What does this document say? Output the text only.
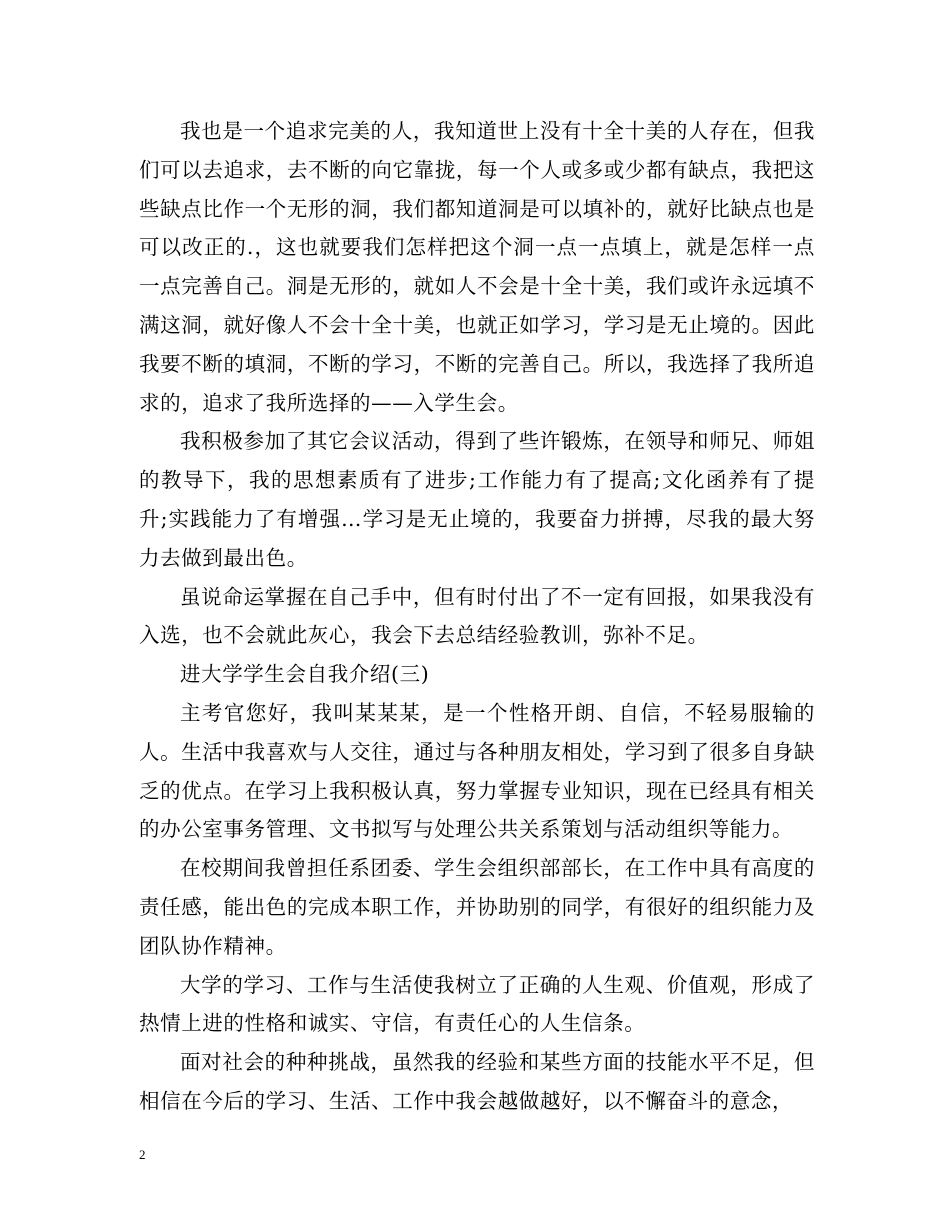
我也是一个追求完美的人，我知道世上没有十全十美的人存在，但我们可以去追求，去不断的向它靠拢，每一个人或多或少都有缺点，我把这些缺点比作一个无形的洞，我们都知道洞是可以填补的，就好比缺点也是可以改正的.，这也就要我们怎样把这个洞一点一点填上，就是怎样一点一点完善自己。洞是无形的，就如人不会是十全十美，我们或许永远填不满这洞，就好像人不会十全十美，也就正如学习，学习是无止境的。因此我要不断的填洞，不断的学习，不断的完善自己。所以，我选择了我所追求的，追求了我所选择的——入学生会。

我积极参加了其它会议活动，得到了些许锻炼，在领导和师兄、师姐的教导下，我的思想素质有了进步;工作能力有了提高;文化函养有了提升;实践能力了有增强…学习是无止境的，我要奋力拼搏，尽我的最大努力去做到最出色。

虽说命运掌握在自己手中，但有时付出了不一定有回报，如果我没有入选，也不会就此灰心，我会下去总结经验教训，弥补不足。

进大学学生会自我介绍(三)

主考官您好，我叫某某某，是一个性格开朗、自信，不轻易服输的人。生活中我喜欢与人交往，通过与各种朋友相处，学习到了很多自身缺乏的优点。在学习上我积极认真，努力掌握专业知识，现在已经具有相关的办公室事务管理、文书拟写与处理公共关系策划与活动组织等能力。

在校期间我曾担任系团委、学生会组织部部长，在工作中具有高度的责任感，能出色的完成本职工作，并协助别的同学，有很好的组织能力及团队协作精神。

大学的学习、工作与生活使我树立了正确的人生观、价值观，形成了热情上进的性格和诚实、守信，有责任心的人生信条。

面对社会的种种挑战，虽然我的经验和某些方面的技能水平不足，但相信在今后的学习、生活、工作中我会越做越好，以不懈奋斗的意念，

2
